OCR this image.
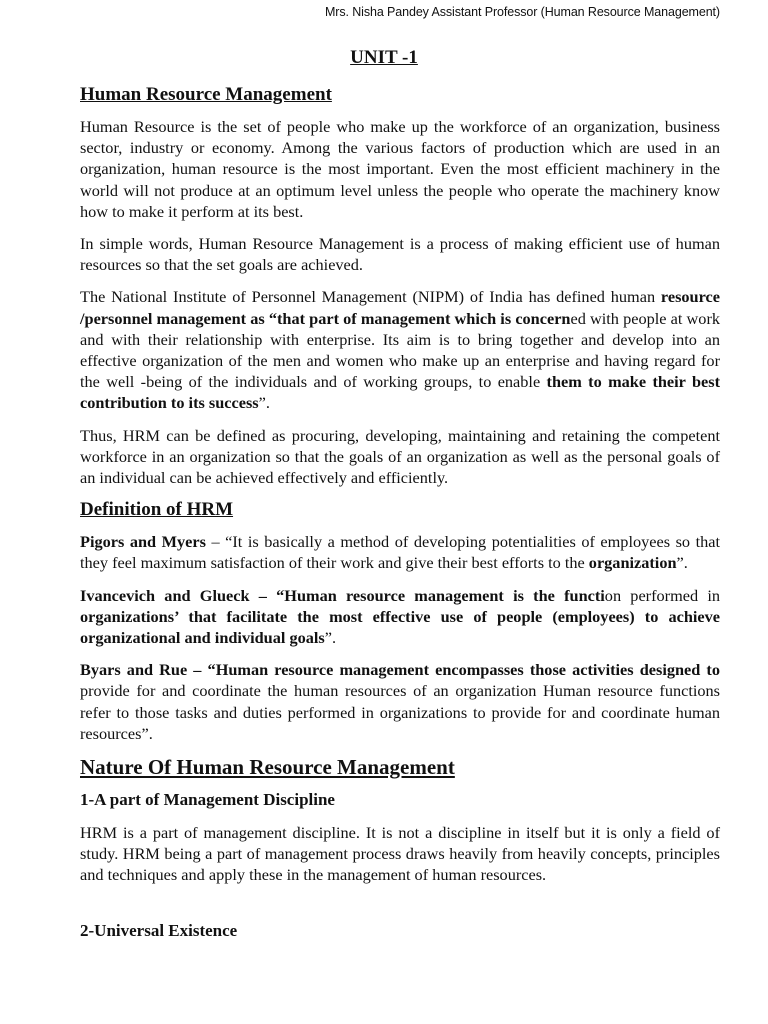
Mrs. Nisha Pandey Assistant Professor (Human Resource Management)
UNIT -1
Human Resource Management

Human Resource is the set of people who make up the workforce of an organization, business sector, industry or economy. Among the various factors of production which are used in an organization, human resource is the most important. Even the most efficient machinery in the world will not produce at an optimum level unless the people who operate the machinery know how to make it perform at its best.

In simple words, Human Resource Management is a process of making efficient use of human resources so that the set goals are achieved.

The National Institute of Personnel Management (NIPM) of India has defined human resource /personnel management as “that part of management which is concerned with people at work and with their relationship with enterprise. Its aim is to bring together and develop into an effective organization of the men and women who make up an enterprise and having regard for the well -being of the individuals and of working groups, to enable them to make their best contribution to its success”.

Thus, HRM can be defined as procuring, developing, maintaining and retaining the competent workforce in an organization so that the goals of an organization as well as the personal goals of an individual can be achieved effectively and efficiently.

Definition of HRM

Pigors and Myers – “It is basically a method of developing potentialities of employees so that they feel maximum satisfaction of their work and give their best efforts to the organization”.

Ivancevich and Glueck – “Human resource management is the function performed in organizations’ that facilitate the most effective use of people (employees) to achieve organizational and individual goals”.

Byars and Rue – “Human resource management encompasses those activities designed to provide for and coordinate the human resources of an organization Human resource functions refer to those tasks and duties performed in organizations to provide for and coordinate human resources”.

Nature Of Human Resource Management
1-A part of Management Discipline

HRM is a part of management discipline. It is not a discipline in itself but it is only a field of study. HRM being a part of management process draws heavily from heavily concepts, principles and techniques and apply these in the management of human resources.

2-Universal Existence
